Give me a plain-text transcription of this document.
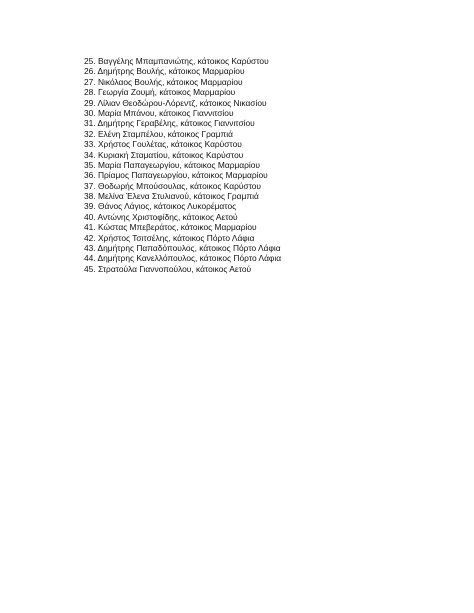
25. Βαγγέλης Μπαμπανιώτης, κάτοικος Καρύστου
26. Δημήτρης Βουλής, κάτοικος Μαρμαρίου
27. Νικόλαος Βουλής, κάτοικος Μαρμαρίου
28. Γεωργία Ζουμή, κάτοικος Μαρμαρίου
29. Λίλιαν Θεοδώρου-Λόρεντζ, κάτοικος Νικασίου
30. Μαρία Μπάνου, κάτοικος Γιαννιτσίου
31. Δημήτρης Γεραβέλης, κάτοικος Γιαννιτσίου
32. Ελένη Σταμπέλου, κάτοικος Γραμπιά
33. Χρήστος Γουλέτας, κάτοικος Καρύστου
34. Κυριακή Σταματίου, κάτοικος Καρύστου
35. Μαρία Παπαγεωργίου, κάτοικος Μαρμαρίου
36. Πρίαμος Παπαγεωργίου, κάτοικος Μαρμαρίου
37. Θοδωρής Μπούσουλας, κάτοικος Καρύστου
38. Μελίνα Έλενα Στυλιανού, κάτοικος Γραμπιά
39. Θάνος Λάγιος, κάτοικος Λυκορέματος
40. Αντώνης Χριστοφίδης, κάτοικος Αετού
41. Κώστας Μπεβεράτος, κάτοικος Μαρμαρίου
42. Χρήστος Τσιτσέλης, κάτοικος Πόρτο Λάφια
43. Δημήτρης Παπαδόπουλος, κάτοικος Πόρτο Λάφια
44. Δημήτρης Κανελλόπουλος, κάτοικος Πόρτο Λάφια
45. Στρατούλα Γιαννοπούλου, κάτοικος Αετού
